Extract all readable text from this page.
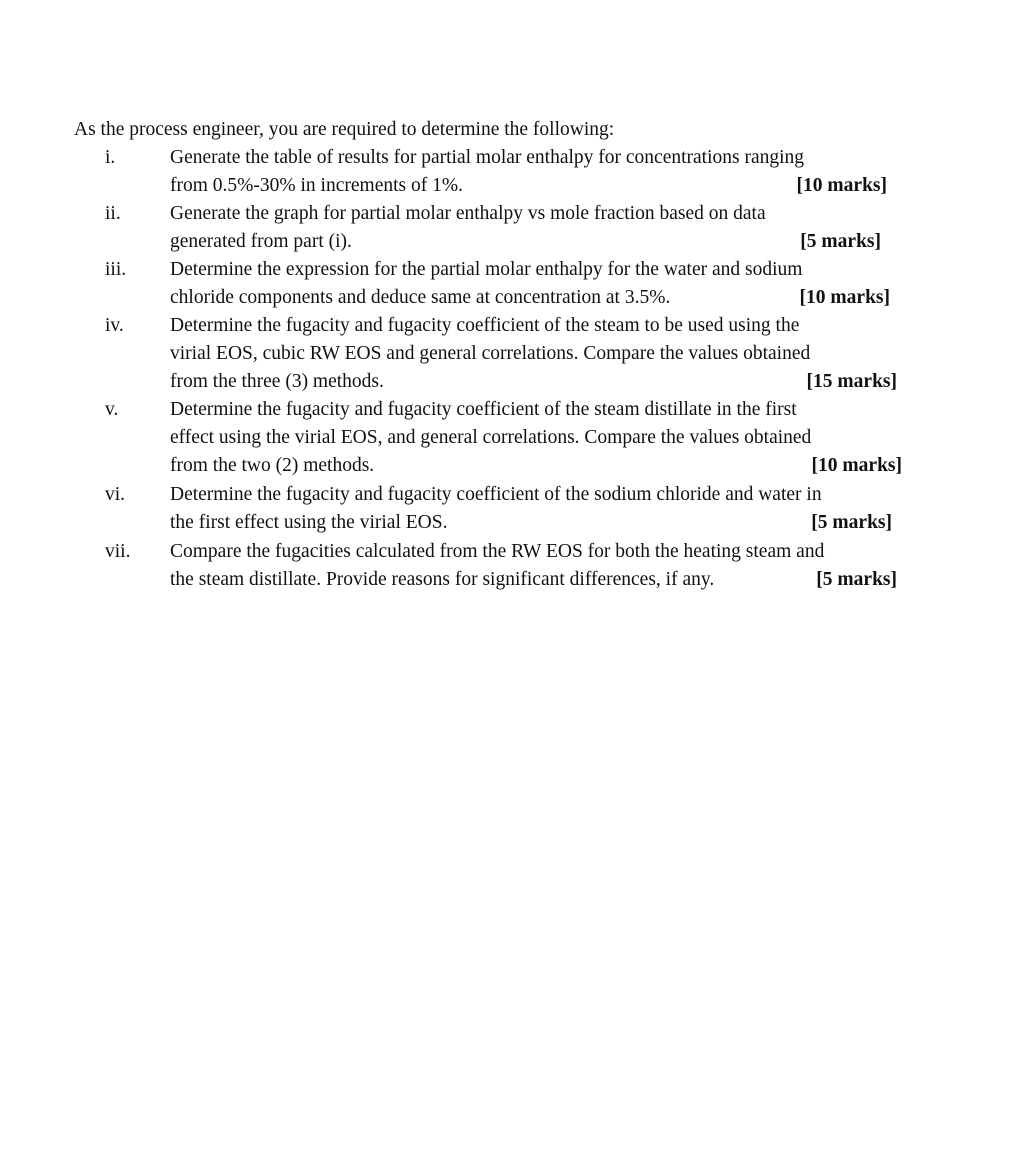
As the process engineer, you are required to determine the following:
i.	Generate the table of results for partial molar enthalpy for concentrations ranging
from 0.5%-30% in increments of 1%.	[10 marks]
ii.	Generate the graph for partial molar enthalpy vs mole fraction based on data
generated from part (i).	[5 marks]
iii. Determine the expression for the partial molar enthalpy for the water and sodium
chloride components and deduce same at concentration at 3.5%.	[10 marks]
iv. Determine the fugacity and fugacity coefficient of the steam to be used using the
virial EOS, cubic RW EOS and general correlations. Compare the values obtained
from the three (3) methods.	[15 marks]
v.	Determine the fugacity and fugacity coefficient of the steam distillate in the first
effect using the virial EOS, and general correlations. Compare the values obtained
from the two (2) methods.	[10 marks]
vi. Determine the fugacity and fugacity coefficient of the sodium chloride and water in
the first effect using the virial EOS.	[5 marks]
vii. Compare the fugacities calculated from the RW EOS for both the heating steam and
the steam distillate. Provide reasons for significant differences, if any.	[5 marks]
